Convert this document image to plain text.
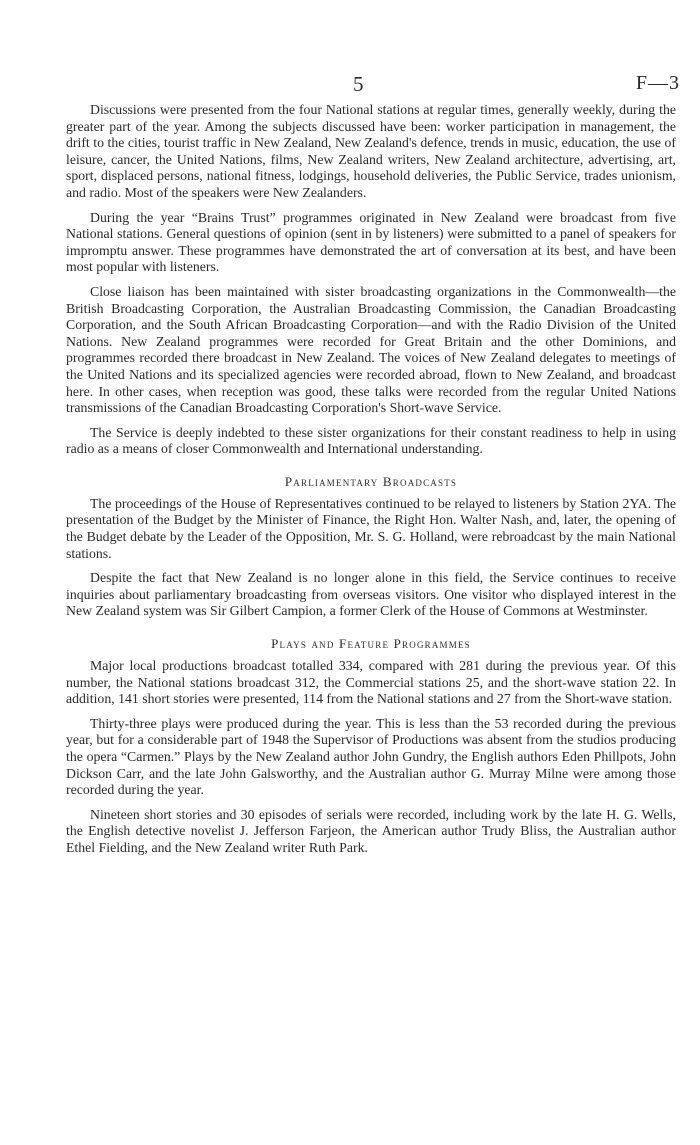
5	F—3

Discussions were presented from the four National stations at regular times, generally weekly, during the greater part of the year. Among the subjects discussed have been: worker participation in management, the drift to the cities, tourist traffic in New Zealand, New Zealand's defence, trends in music, education, the use of leisure, cancer, the United Nations, films, New Zealand writers, New Zealand architecture, advertising, art, sport, displaced persons, national fitness, lodgings, household deliveries, the Public Service, trades unionism, and radio. Most of the speakers were New Zealanders.

During the year “Brains Trust” programmes originated in New Zealand were broadcast from five National stations. General questions of opinion (sent in by listeners) were submitted to a panel of speakers for impromptu answer. These programmes have demonstrated the art of conversation at its best, and have been most popular with listeners.

Close liaison has been maintained with sister broadcasting organizations in the Commonwealth—the British Broadcasting Corporation, the Australian Broadcasting Commission, the Canadian Broadcasting Corporation, and the South African Broadcasting Corporation—and with the Radio Division of the United Nations. New Zealand programmes were recorded for Great Britain and the other Dominions, and programmes recorded there broadcast in New Zealand. The voices of New Zealand delegates to meetings of the United Nations and its specialized agencies were recorded abroad, flown to New Zealand, and broadcast here. In other cases, when reception was good, these talks were recorded from the regular United Nations transmissions of the Canadian Broadcasting Corporation's Short-wave Service.

The Service is deeply indebted to these sister organizations for their constant readiness to help in using radio as a means of closer Commonwealth and International understanding.

Parliamentary Broadcasts

The proceedings of the House of Representatives continued to be relayed to listeners by Station 2YA. The presentation of the Budget by the Minister of Finance, the Right Hon. Walter Nash, and, later, the opening of the Budget debate by the Leader of the Opposition, Mr. S. G. Holland, were rebroadcast by the main National stations.

Despite the fact that New Zealand is no longer alone in this field, the Service continues to receive inquiries about parliamentary broadcasting from overseas visitors. One visitor who displayed interest in the New Zealand system was Sir Gilbert Campion, a former Clerk of the House of Commons at Westminster.

Plays and Feature Programmes

Major local productions broadcast totalled 334, compared with 281 during the previous year. Of this number, the National stations broadcast 312, the Commercial stations 25, and the short-wave station 22. In addition, 141 short stories were presented, 114 from the National stations and 27 from the Short-wave station.

Thirty-three plays were produced during the year. This is less than the 53 recorded during the previous year, but for a considerable part of 1948 the Supervisor of Productions was absent from the studios producing the opera “Carmen.” Plays by the New Zealand author John Gundry, the English authors Eden Phillpots, John Dickson Carr, and the late John Galsworthy, and the Australian author G. Murray Milne were among those recorded during the year.

Nineteen short stories and 30 episodes of serials were recorded, including work by the late H. G. Wells, the English detective novelist J. Jefferson Farjeon, the American author Trudy Bliss, the Australian author Ethel Fielding, and the New Zealand writer Ruth Park.
